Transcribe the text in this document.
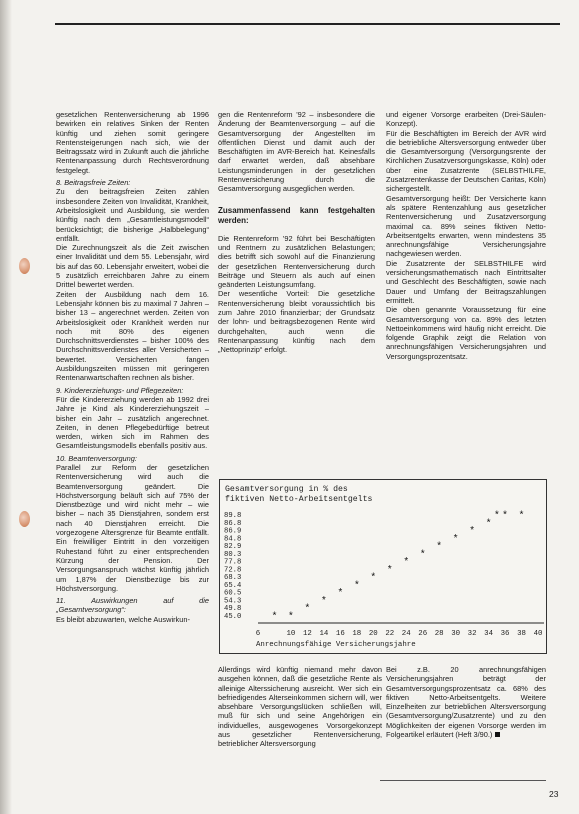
gesetzlichen Rentenversicherung ab 1996 bewirken ein relatives Sinken der Renten künftig und ziehen somit geringere Rentensteigerungen nach sich, wie der Beitragssatz wird in Zukunft auch die jährliche Rentenanpassung durch Rechtsverordnung festgelegt.

8. Beitragsfreie Zeiten:

Zu den beitragsfreien Zeiten zählen insbesondere Zeiten von Invalidität, Krankheit, Arbeitslosigkeit und Ausbildung, sie werden künftig nach dem „Gesamtleistungsmodell“ berücksichtigt; die bisherige „Halbbelegung“ entfällt.

Die Zurechnungszeit als die Zeit zwischen einer Invalidität und dem 55. Lebensjahr, wird bis auf das 60. Lebensjahr erweitert, wobei die 5 zusätzlich erreichbaren Jahre zu einem Drittel bewertet werden.

Zeiten der Ausbildung nach dem 16. Lebensjahr können bis zu maximal 7 Jahren – bisher 13 – angerechnet werden. Zeiten von Arbeitslosigkeit oder Krankheit werden nur noch mit 80% des eigenen Durchschnittsverdienstes – bisher 100% des Durchschnittsverdienstes aller Versicherten – bewertet. Versicherten fangen Ausbildungszeiten müssen mit geringeren Rentenanwartschaften rechnen als bisher.

9. Kindererziehungs- und Pflegezeiten:

Für die Kindererziehung werden ab 1992 drei Jahre je Kind als Kindererziehungszeit – bisher ein Jahr – zusätzlich angerechnet. Zeiten, in denen Pflegebedürftige betreut werden, wirken sich im Rahmen des Gesamtleistungsmodells ebenfalls positiv aus.

10. Beamtenversorgung:

Parallel zur Reform der gesetzlichen Rentenversicherung wird auch die Beamtenversorgung geändert. Die Höchstversorgung beläuft sich auf 75% der Dienstbezüge und wird nicht mehr – wie bisher – nach 35 Dienstjahren, sondern erst nach 40 Dienstjahren erreicht. Die vorgezogene Altersgrenze für Beamte entfällt. Ein freiwilliger Eintritt in den vorzeitigen Ruhestand führt zu einer entsprechenden Kürzung der Pension. Der Versorgungsanspruch wächst künftig jährlich um 1,87% der Dienstbezüge bis zur Höchstversorgung.

11. Auswirkungen auf die „Gesamtversorgung“:

Es bleibt abzuwarten, welche Auswirkun-

gen die Rentenreform '92 – insbesondere die Änderung der Beamtenversorgung – auf die Gesamtversorgung der Angestellten im öffentlichen Dienst und damit auch der Beschäftigten im AVR-Bereich hat. Keinesfalls darf erwartet werden, daß absehbare Leistungsminderungen in der gesetzlichen Rentenversicherung durch die Gesamtversorgung ausgeglichen werden.

Zusammenfassend kann festgehalten werden:

Die Rentenreform '92 führt bei Beschäftigten und Rentnern zu zusätzlichen Belastungen; dies betrifft sich sowohl auf die Finanzierung der gesetzlichen Rentenversicherung durch Beiträge und Steuern als auch auf einen geänderten Leistungsumfang.

Der wesentliche Vorteil: Die gesetzliche Rentenversicherung bleibt voraussichtlich bis zum Jahre 2010 finanzierbar; der Grundsatz der lohn- und beitragsbezogenen Rente wird durchgehalten, auch wenn die Rentenanpassung künftig nach dem „Nettoprinzip“ erfolgt.

und eigener Vorsorge erarbeiten (Drei-Säulen-Konzept).

Für die Beschäftigten im Bereich der AVR wird die betriebliche Altersversorgung entweder über die Gesamtversorgung (Versorgungsrente der Kirchlichen Zusatzversorgungskasse, Köln) oder über eine Zusatzrente (SELBSTHILFE, Zusatzrentenkasse der Deutschen Caritas, Köln) sichergestellt.

Gesamtversorgung heißt: Der Versicherte kann als spätere Rentenzahlung aus gesetzlicher Rentenversicherung und Zusatzversorgung maximal ca. 89% seines fiktiven Netto-Arbeitsentgelts erwarten, wenn mindestens 35 anrechnungsfähige Versicherungsjahre nachgewiesen werden.

Die Zusatzrente der SELBSTHILFE wird versicherungsmathematisch nach Eintrittsalter und Geschlecht des Beschäftigten, sowie nach Dauer und Umfang der Beitragszahlungen ermittelt.

Die oben genannte Voraussetzung für eine Gesamtversorgung von ca. 89% des letzten Nettoeinkommens wird häufig nicht erreicht. Die folgende Graphik zeigt die Relation von anrechnungsfähigen Versicherungsjahren und Versorgungsprozentsatz.

Gesamtversorgung in % des
fiktiven Netto-Arbeitsentgelts
89.8
86.8
86.9
84.8
82.9
80.3
77.8
72.8
68.3
65.4
60.5
54.3
49.8
45.0
6	10 12 14 16 18 20 22 24 26 28 30 32 34 36 38 40
Anrechnungsfähige Versicherungsjahre
* *
*
*
*
*
*
*
*
*
*
*
*
*
* * *
Allerdings wird künftig niemand mehr davon ausgehen können, daß die gesetzliche Rente als alleinige Alterssicherung ausreicht. Wer sich ein befriedigendes Alterseinkommen sichern will, wer absehbare Versorgungslücken schließen will, muß für sich und seine Angehörigen ein individuelles, ausgewogenes Vorsorgekonzept aus gesetzlicher Rentenversicherung, betrieblicher Altersversorgung
Bei z.B. 20 anrechnungsfähigen Versicherungsjahren beträgt der Gesamtversorgungsprozentsatz ca. 68% des fiktiven Netto-Arbeitsentgelts. Weitere Einzelheiten zur betrieblichen Altersversorgung (Gesamtversorgung/Zusatzrente) und zu den Möglichkeiten der eigenen Vorsorge werden im Folgeartikel erläutert (Heft 3/90.)
23
